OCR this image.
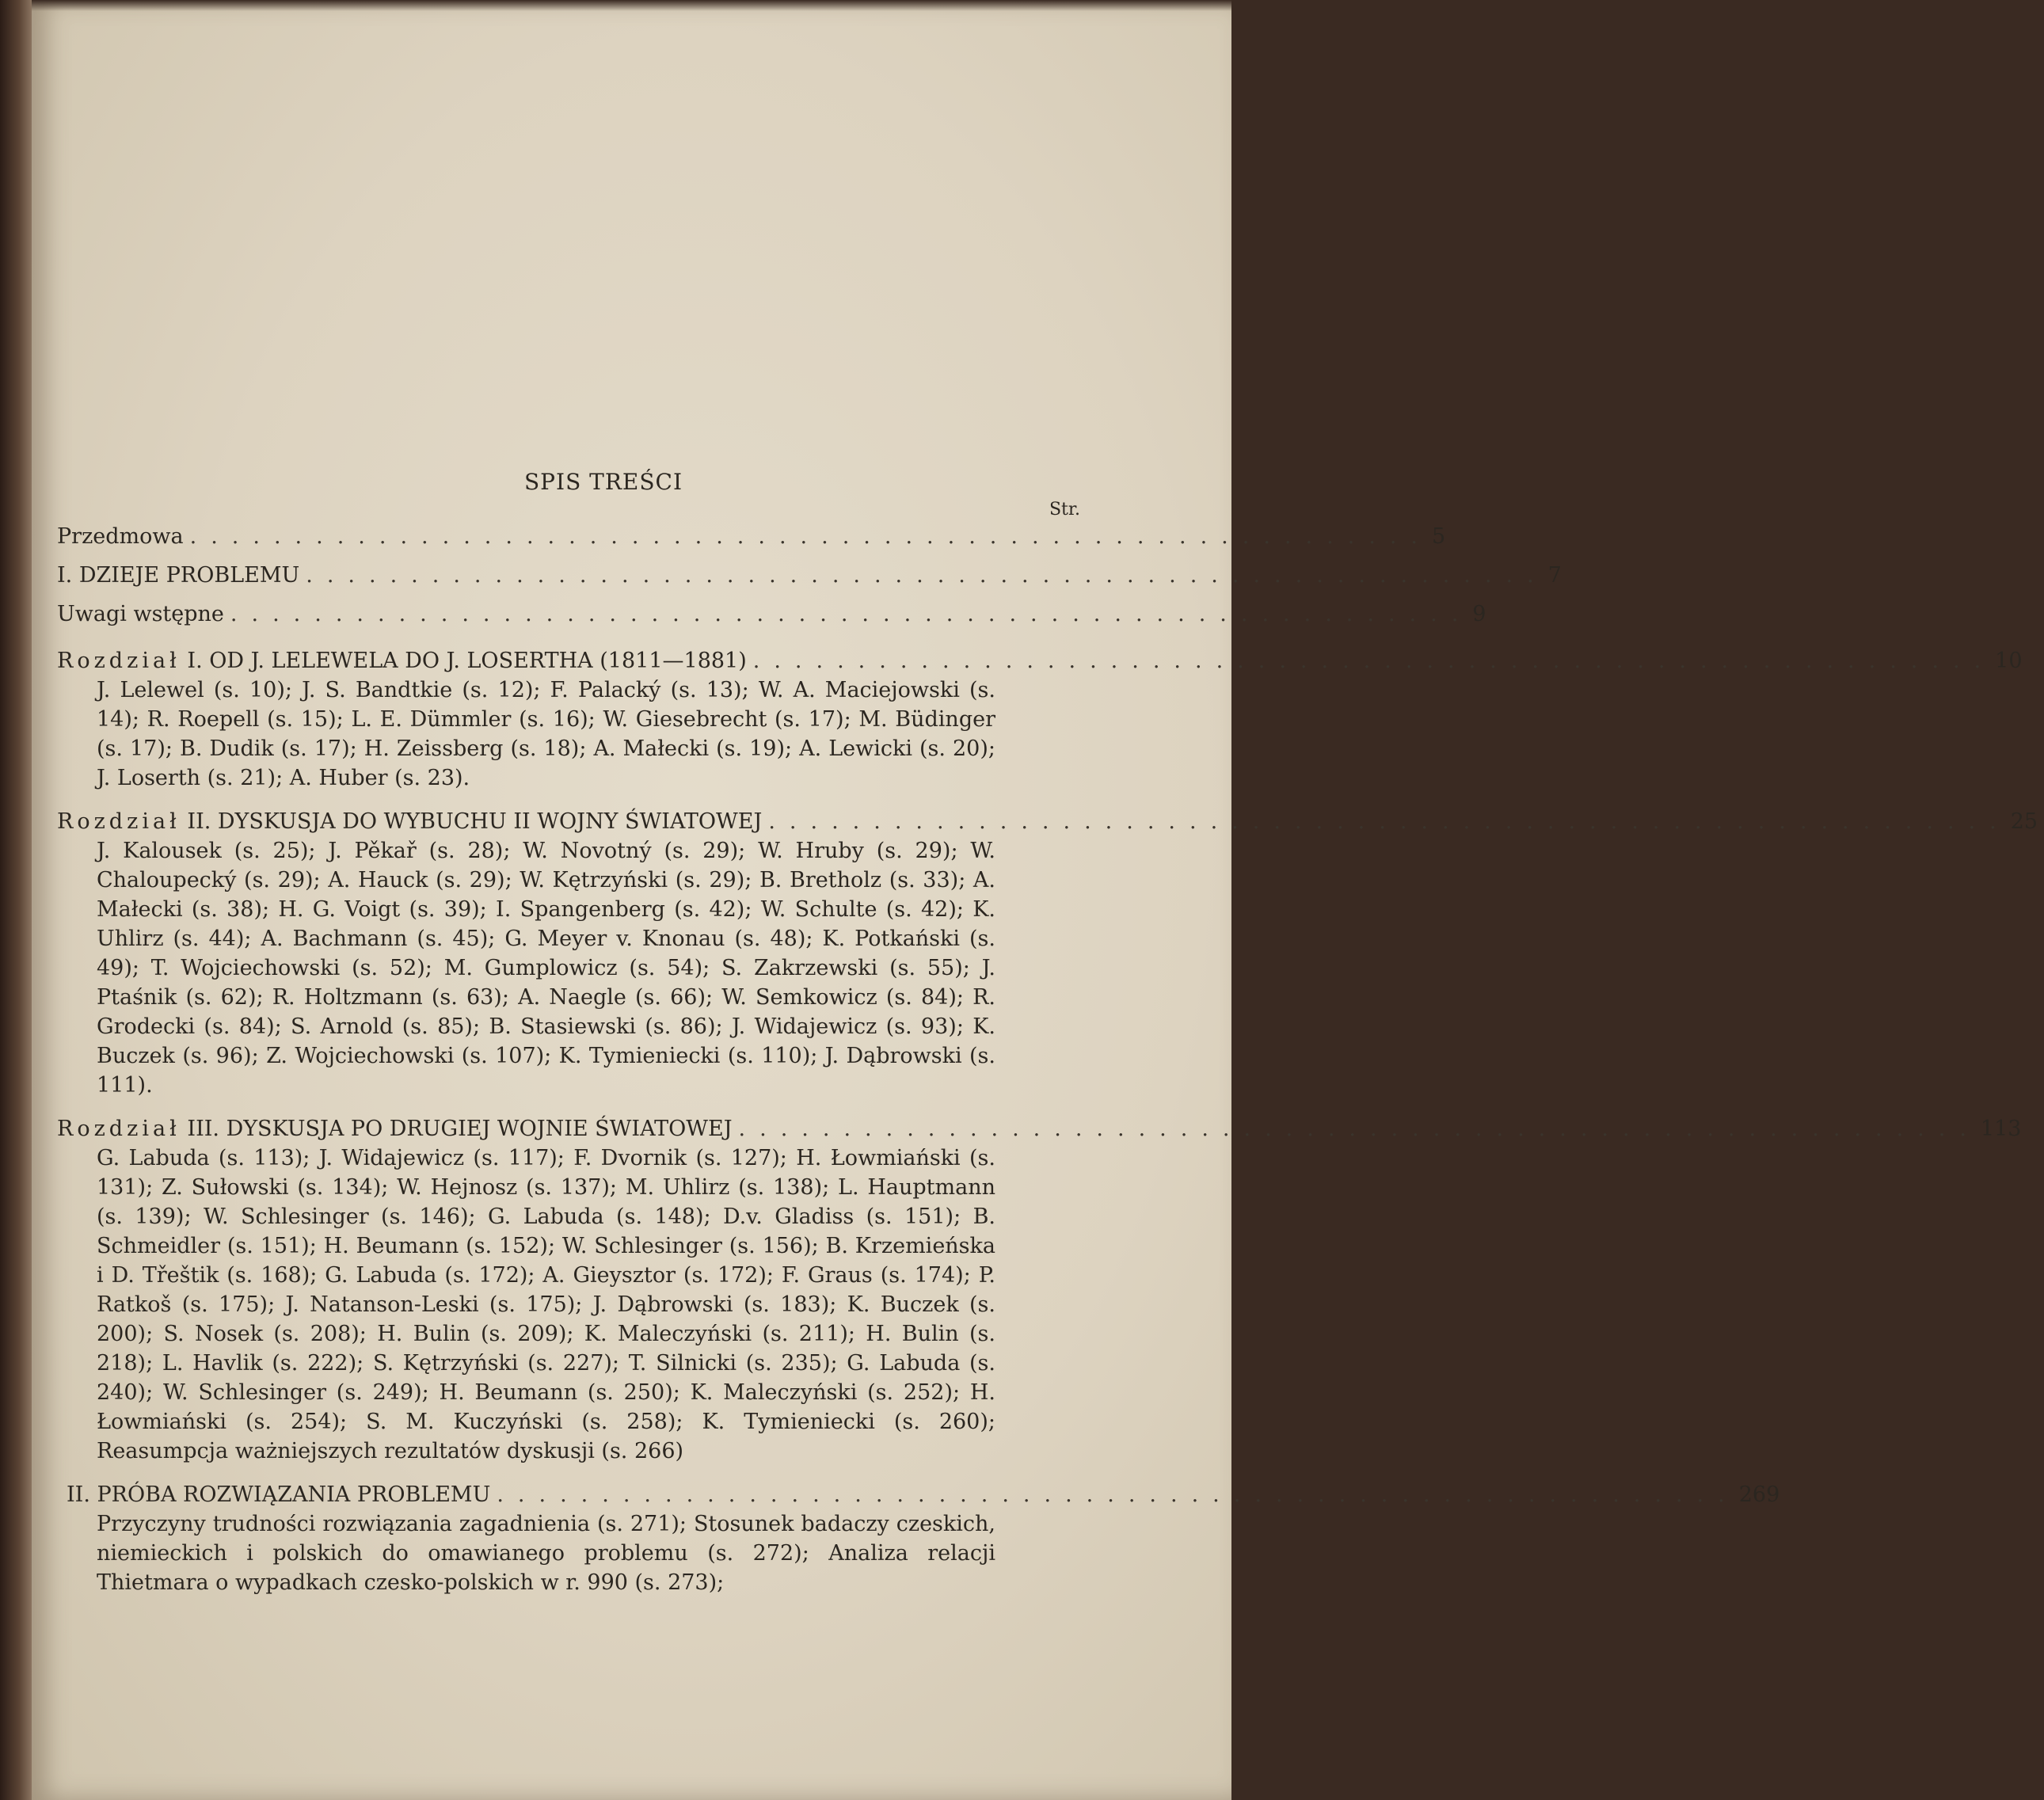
SPIS TREŚCI
Str.
Przedmowa ........................................................... 5
I. DZIEJE PROBLEMU ........................................................... 7
Uwagi wstępne ........................................................... 9
Rozdział I. OD J. LELEWELA DO J. LOSERTHA (1811—1881) ........................................................... 10
J. Lelewel (s. 10); J. S. Bandtkie (s. 12); F. Palacký (s. 13); W. A. Maciejowski (s. 14); R. Roepell (s. 15); L. E. Dümmler (s. 16); W. Giesebrecht (s. 17); M. Büdinger (s. 17); B. Dudik (s. 17); H. Zeissberg (s. 18); A. Małecki (s. 19); A. Lewicki (s. 20); J. Loserth (s. 21); A. Huber (s. 23).
Rozdział II. DYSKUSJA DO WYBUCHU II WOJNY ŚWIATOWEJ ........................................................... 25
J. Kalousek (s. 25); J. Pěkař (s. 28); W. Novotný (s. 29); W. Hruby (s. 29); W. Chaloupecký (s. 29); A. Hauck (s. 29); W. Kętrzyński (s. 29); B. Bretholz (s. 33); A. Małecki (s. 38); H. G. Voigt (s. 39); I. Spangenberg (s. 42); W. Schulte (s. 42); K. Uhlirz (s. 44); A. Bachmann (s. 45); G. Meyer v. Knonau (s. 48); K. Potkański (s. 49); T. Wojciechowski (s. 52); M. Gumplowicz (s. 54); S. Zakrzewski (s. 55); J. Ptaśnik (s. 62); R. Holtzmann (s. 63); A. Naegle (s. 66); W. Semkowicz (s. 84); R. Grodecki (s. 84); S. Arnold (s. 85); B. Stasiewski (s. 86); J. Widajewicz (s. 93); K. Buczek (s. 96); Z. Wojciechowski (s. 107); K. Tymieniecki (s. 110); J. Dąbrowski (s. 111).
Rozdział III. DYSKUSJA PO DRUGIEJ WOJNIE ŚWIATOWEJ ........................................................... 113
G. Labuda (s. 113); J. Widajewicz (s. 117); F. Dvornik (s. 127); H. Łowmiański (s. 131); Z. Sułowski (s. 134); W. Hejnosz (s. 137); M. Uhlirz (s. 138); L. Hauptmann (s. 139); W. Schlesinger (s. 146); G. Labuda (s. 148); D.v. Gladiss (s. 151); B. Schmeidler (s. 151); H. Beumann (s. 152); W. Schlesinger (s. 156); B. Krzemieńska i D. Třeštik (s. 168); G. Labuda (s. 172); A. Gieysztor (s. 172); F. Graus (s. 174); P. Ratkoš (s. 175); J. Natanson-Leski (s. 175); J. Dąbrowski (s. 183); K. Buczek (s. 200); S. Nosek (s. 208); H. Bulin (s. 209); K. Maleczyński (s. 211); H. Bulin (s. 218); L. Havlik (s. 222); S. Kętrzyński (s. 227); T. Silnicki (s. 235); G. Labuda (s. 240); W. Schlesinger (s. 249); H. Beumann (s. 250); K. Maleczyński (s. 252); H. Łowmiański (s. 254); S. M. Kuczyński (s. 258); K. Tymieniecki (s. 260); Reasumpcja ważniejszych rezultatów dyskusji (s. 266)
II. PRÓBA ROZWIĄZANIA PROBLEMU ........................................................... 269
Przyczyny trudności rozwiązania zagadnienia (s. 271); Stosunek badaczy czeskich, niemieckich i polskich do omawianego problemu (s. 272); Analiza relacji Thietmara o wypadkach czesko-polskich w r. 990 (s. 273);
